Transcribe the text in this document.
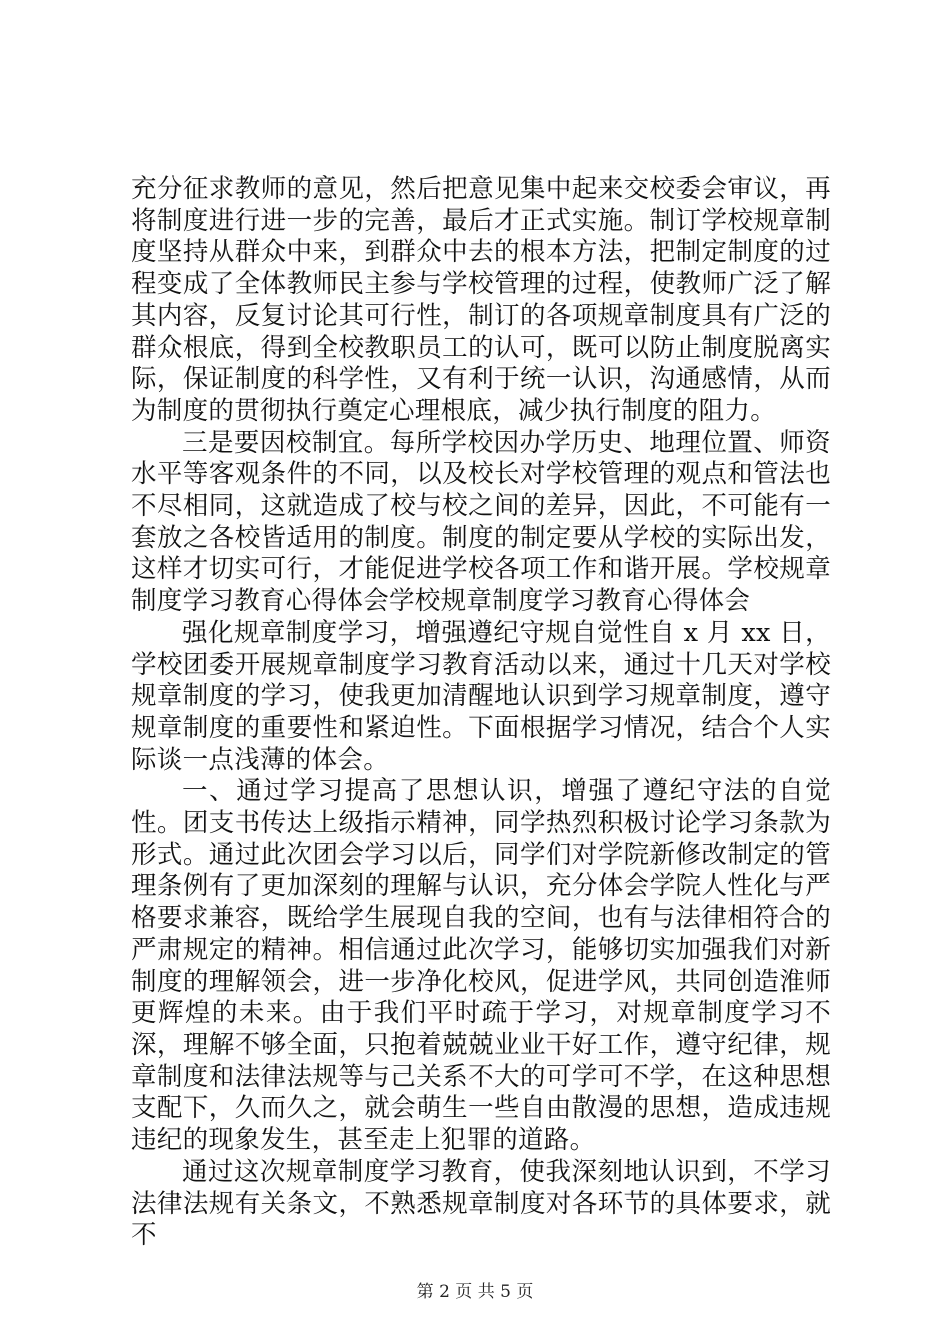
充分征求教师的意见，然后把意见集中起来交校委会审议，再将制度进行进一步的完善，最后才正式实施。制订学校规章制度坚持从群众中来，到群众中去的根本方法，把制定制度的过程变成了全体教师民主参与学校管理的过程，使教师广泛了解其内容，反复讨论其可行性，制订的各项规章制度具有广泛的群众根底，得到全校教职员工的认可，既可以防止制度脱离实际，保证制度的科学性，又有利于统一认识，沟通感情，从而为制度的贯彻执行奠定心理根底，减少执行制度的阻力。

三是要因校制宜。每所学校因办学历史、地理位置、师资水平等客观条件的不同，以及校长对学校管理的观点和管法也不尽相同，这就造成了校与校之间的差异，因此，不可能有一套放之各校皆适用的制度。制度的制定要从学校的实际出发，这样才切实可行，才能促进学校各项工作和谐开展。学校规章制度学习教育心得体会学校规章制度学习教育心得体会

强化规章制度学习，增强遵纪守规自觉性自 x 月 xx 日，学校团委开展规章制度学习教育活动以来，通过十几天对学校规章制度的学习，使我更加清醒地认识到学习规章制度，遵守规章制度的重要性和紧迫性。下面根据学习情况，结合个人实际谈一点浅薄的体会。

一、通过学习提高了思想认识，增强了遵纪守法的自觉性。团支书传达上级指示精神，同学热烈积极讨论学习条款为形式。通过此次团会学习以后，同学们对学院新修改制定的管理条例有了更加深刻的理解与认识，充分体会学院人性化与严格要求兼容，既给学生展现自我的空间，也有与法律相符合的严肃规定的精神。相信通过此次学习，能够切实加强我们对新制度的理解领会，进一步净化校风，促进学风，共同创造淮师更辉煌的未来。由于我们平时疏于学习，对规章制度学习不深，理解不够全面，只抱着兢兢业业干好工作，遵守纪律，规章制度和法律法规等与己关系不大的可学可不学，在这种思想支配下，久而久之，就会萌生一些自由散漫的思想，造成违规违纪的现象发生，甚至走上犯罪的道路。

通过这次规章制度学习教育，使我深刻地认识到，不学习法律法规有关条文，不熟悉规章制度对各环节的具体要求，就不

第 2 页 共 5 页
